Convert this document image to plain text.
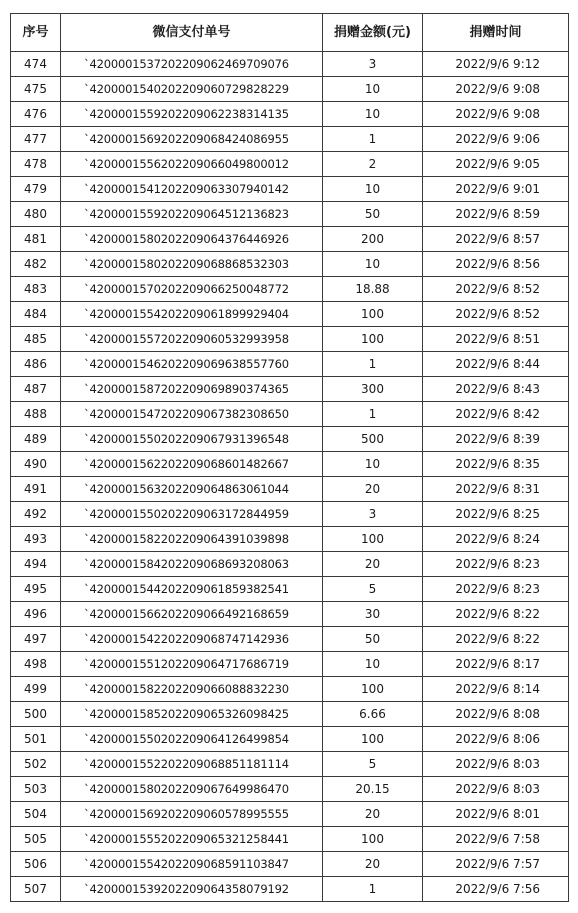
序号	微信支付单号	捐赠金额(元)	捐赠时间
474	`4200001537202209062469709076	3	2022/9/6 9:12
475	`4200001540202209060729828229	10	2022/9/6 9:08
476	`4200001559202209062238314135	10	2022/9/6 9:08
477	`4200001569202209068424086955	1	2022/9/6 9:06
478	`4200001556202209066049800012	2	2022/9/6 9:05
479	`4200001541202209063307940142	10	2022/9/6 9:01
480	`4200001559202209064512136823	50	2022/9/6 8:59
481	`4200001580202209064376446926	200	2022/9/6 8:57
482	`4200001580202209068868532303	10	2022/9/6 8:56
483	`4200001570202209066250048772	18.88	2022/9/6 8:52
484	`4200001554202209061899929404	100	2022/9/6 8:52
485	`4200001557202209060532993958	100	2022/9/6 8:51
486	`4200001546202209069638557760	1	2022/9/6 8:44
487	`4200001587202209069890374365	300	2022/9/6 8:43
488	`4200001547202209067382308650	1	2022/9/6 8:42
489	`4200001550202209067931396548	500	2022/9/6 8:39
490	`4200001562202209068601482667	10	2022/9/6 8:35
491	`4200001563202209064863061044	20	2022/9/6 8:31
492	`4200001550202209063172844959	3	2022/9/6 8:25
493	`4200001582202209064391039898	100	2022/9/6 8:24
494	`4200001584202209068693208063	20	2022/9/6 8:23
495	`4200001544202209061859382541	5	2022/9/6 8:23
496	`4200001566202209066492168659	30	2022/9/6 8:22
497	`4200001542202209068747142936	50	2022/9/6 8:22
498	`4200001551202209064717686719	10	2022/9/6 8:17
499	`4200001582202209066088832230	100	2022/9/6 8:14
500	`4200001585202209065326098425	6.66	2022/9/6 8:08
501	`4200001550202209064126499854	100	2022/9/6 8:06
502	`4200001552202209068851181114	5	2022/9/6 8:03
503	`4200001580202209067649986470	20.15	2022/9/6 8:03
504	`4200001569202209060578995555	20	2022/9/6 8:01
505	`4200001555202209065321258441	100	2022/9/6 7:58
506	`4200001554202209068591103847	20	2022/9/6 7:57
507	`4200001539202209064358079192	1	2022/9/6 7:56
